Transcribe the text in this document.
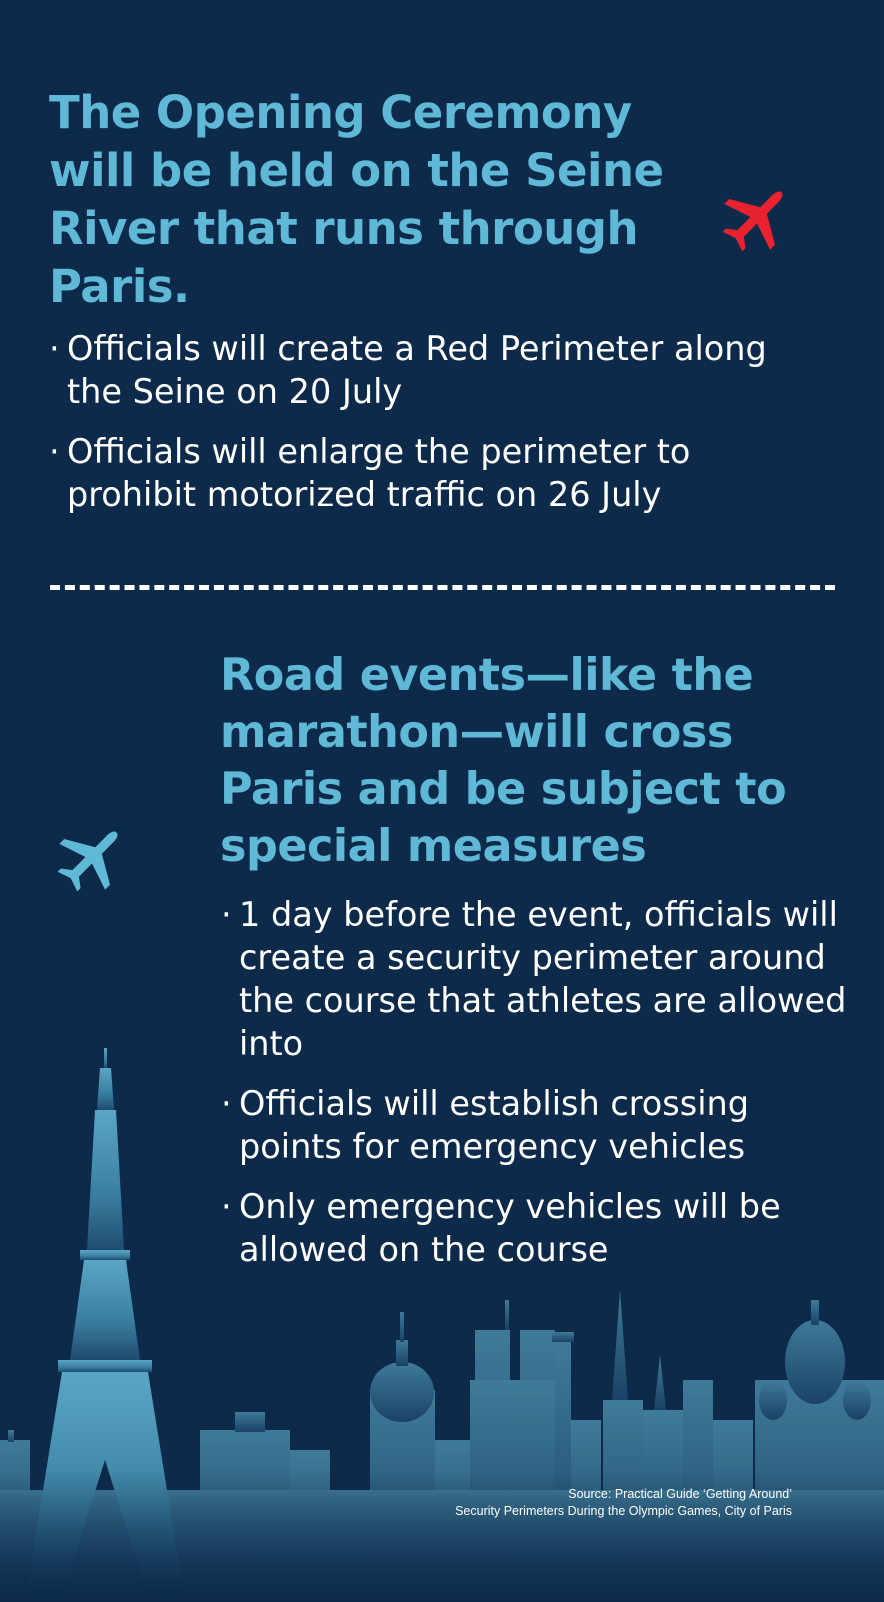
The Opening Ceremony will be held on the Seine River that runs through Paris.
· Officials will create a Red Perimeter along the Seine on 20 July
· Officials will enlarge the perimeter to prohibit motorized traffic on 26 July
Road events—like the marathon—will cross Paris and be subject to special measures
· 1 day before the event, officials will create a security perimeter around the course that athletes are allowed into
· Officials will establish crossing points for emergency vehicles
· Only emergency vehicles will be allowed on the course
Source: Practical Guide ‘Getting Around’
Security Perimeters During the Olympic Games, City of Paris
